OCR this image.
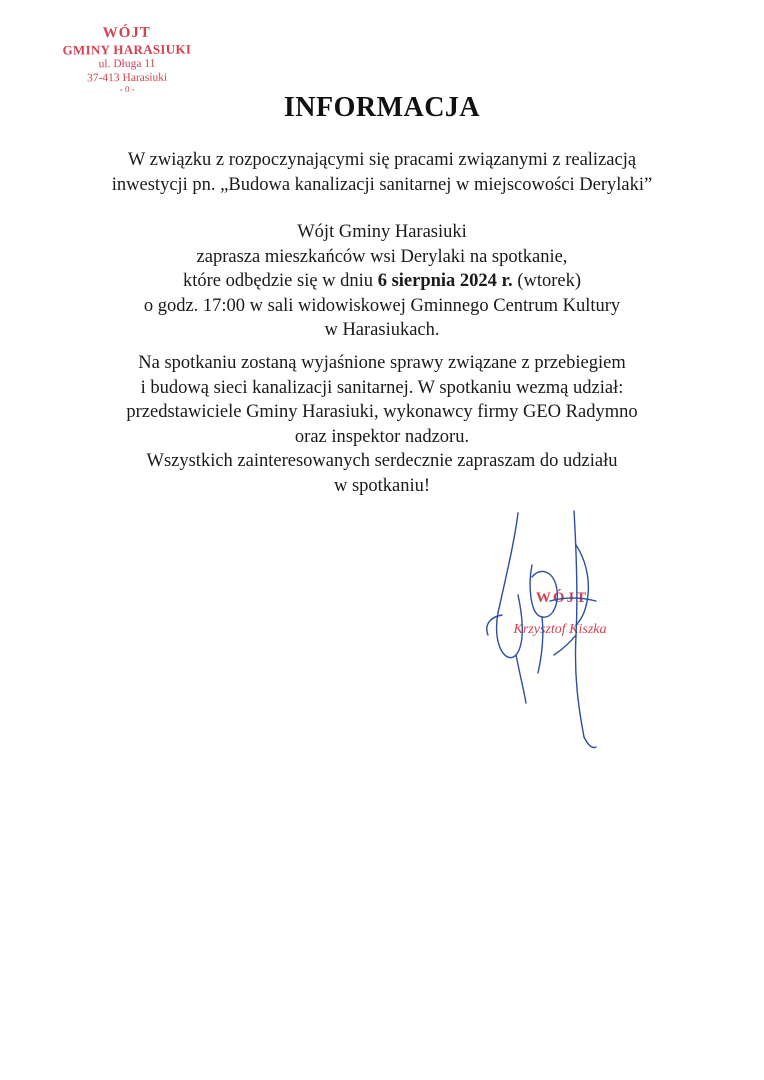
WÓJT
GMINY HARASIUKI
ul. Długa 11
37-413 Harasiuki
- 0 -
INFORMACJA
W związku z rozpoczynającymi się pracami związanymi z realizacją
inwestycji pn. „Budowa kanalizacji sanitarnej w miejscowości Derylaki”
Wójt Gminy Harasiuki
zaprasza mieszkańców wsi Derylaki na spotkanie,
które odbędzie się w dniu 6 sierpnia 2024 r. (wtorek)
o godz. 17:00 w sali widowiskowej Gminnego Centrum Kultury
w Harasiukach.
Na spotkaniu zostaną wyjaśnione sprawy związane z przebiegiem
i budową sieci kanalizacji sanitarnej. W spotkaniu wezmą udział:
przedstawiciele Gminy Harasiuki, wykonawcy firmy GEO Radymno
oraz inspektor nadzoru.
Wszystkich zainteresowanych serdecznie zapraszam do udziału
w spotkaniu!
WÓJT
Krzysztof Kiszka
